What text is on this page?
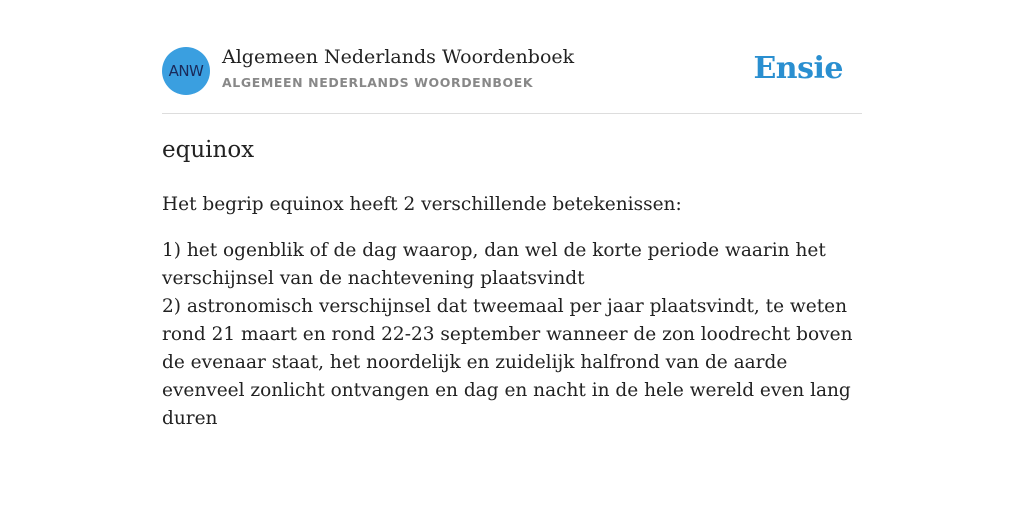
ANW
Algemeen Nederlands Woordenboek
ALGEMEEN NEDERLANDS WOORDENBOEK	Ensie
equinox

Het begrip equinox heeft 2 verschillende betekenissen:

1) het ogenblik of de dag waarop, dan wel de korte periode waarin het verschijnsel van de nachtevening plaatsvindt
2) astronomisch verschijnsel dat tweemaal per jaar plaatsvindt, te weten rond 21 maart en rond 22-23 september wanneer de zon loodrecht boven de evenaar staat, het noordelijk en zuidelijk halfrond van de aarde evenveel zonlicht ontvangen en dag en nacht in de hele wereld even lang duren
